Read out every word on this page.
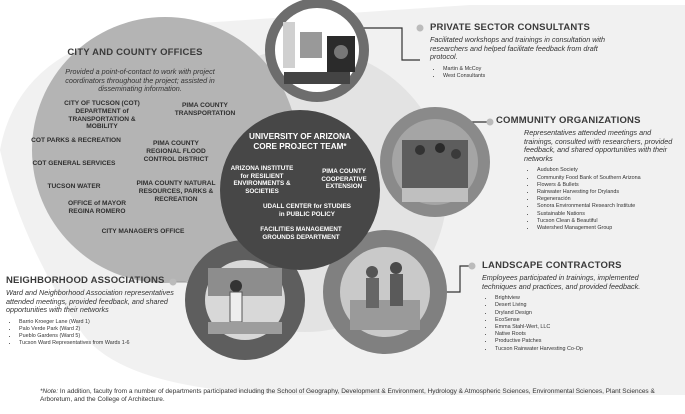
CITY AND COUNTY OFFICES
Provided a point-of-contact to work with project coordinators throughout the project; assisted in disseminating information.
CITY OF TUCSON (COT) DEPARTMENT of TRANSPORTATION & MOBILITY
PIMA COUNTY TRANSPORTATION
COT PARKS & RECREATION	PIMA COUNTY REGIONAL FLOOD CONTROL DISTRICT
COT GENERAL SERVICES
TUCSON WATER	PIMA COUNTY NATURAL RESOURCES, PARKS & RECREATION
OFFICE of MAYOR REGINA ROMERO
CITY MANAGER'S OFFICE
UNIVERSITY OF ARIZONA CORE PROJECT TEAM*
ARIZONA INSTITUTE for RESILIENT ENVIRONMENTS & SOCIETIES
PIMA COUNTY COOPERATIVE EXTENSION
UDALL CENTER for STUDIES in PUBLIC POLICY
FACILITIES MANAGEMENT GROUNDS DEPARTMENT
PRIVATE SECTOR CONSULTANTS
Facilitated workshops and trainings in consultation with researchers and helped facilitate feedback from draft protocol.
• Martin & McCoy
• West Consultants
COMMUNITY ORGANIZATIONS
Representatives attended meetings and trainings, consulted with researchers, provided feedback, and shared opportunities with their networks
• Audubon Society
• Community Food Bank of Southern Arizona
• Flowers & Bullets
• Rainwater Harvesting for Drylands
• Regeneración
• Sonora Environmental Research Institute
• Sustainable Nations
• Tucson Clean & Beautiful
• Watershed Management Group
LANDSCAPE CONTRACTORS
Employees participated in trainings, implemented techniques and practices, and provided feedback.
• Brightview
• Desert Living
• Dryland Design
• EcoSense
• Emma Stahl-Wert, LLC
• Native Roots
• Productive Patches
• Tucson Rainwater Harvesting Co-Op
NEIGHBORHOOD ASSOCIATIONS
Ward and Neighborhood Association representatives attended meetings, provided feedback, and shared opportunities with their networks
• Barrio Kroeger Lane (Ward 1)
• Palo Verde Park (Ward 2)
• Pueblo Gardens (Ward 5)
• Tucson Ward Representatives from Wards 1-6
*Note: In addition, faculty from a number of departments participated including the School of Geography, Development & Environment, Hydrology & Atmospheric Sciences, Environmental Sciences, Plant Sciences & Arboretum, and the College of Architecture.
